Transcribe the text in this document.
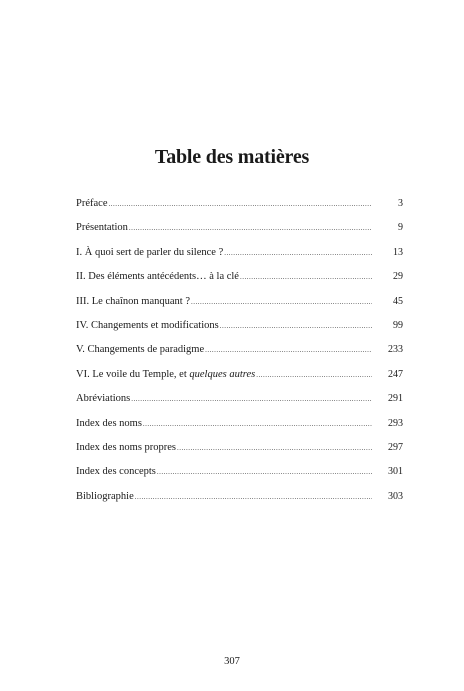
Table des matières
Préface .....	3
Présentation .....	9
I. À quoi sert de parler du silence ? .....	13
II. Des éléments antécédents… à la clé .....	29
III. Le chaînon manquant ? .....	45
IV. Changements et modifications .....	99
V. Changements de paradigme .....	233
VI. Le voile du Temple, et quelques autres .....	247
Abréviations .....	291
Index des noms .....	293
Index des noms propres .....	297
Index des concepts .....	301
Bibliographie .....	303
307
